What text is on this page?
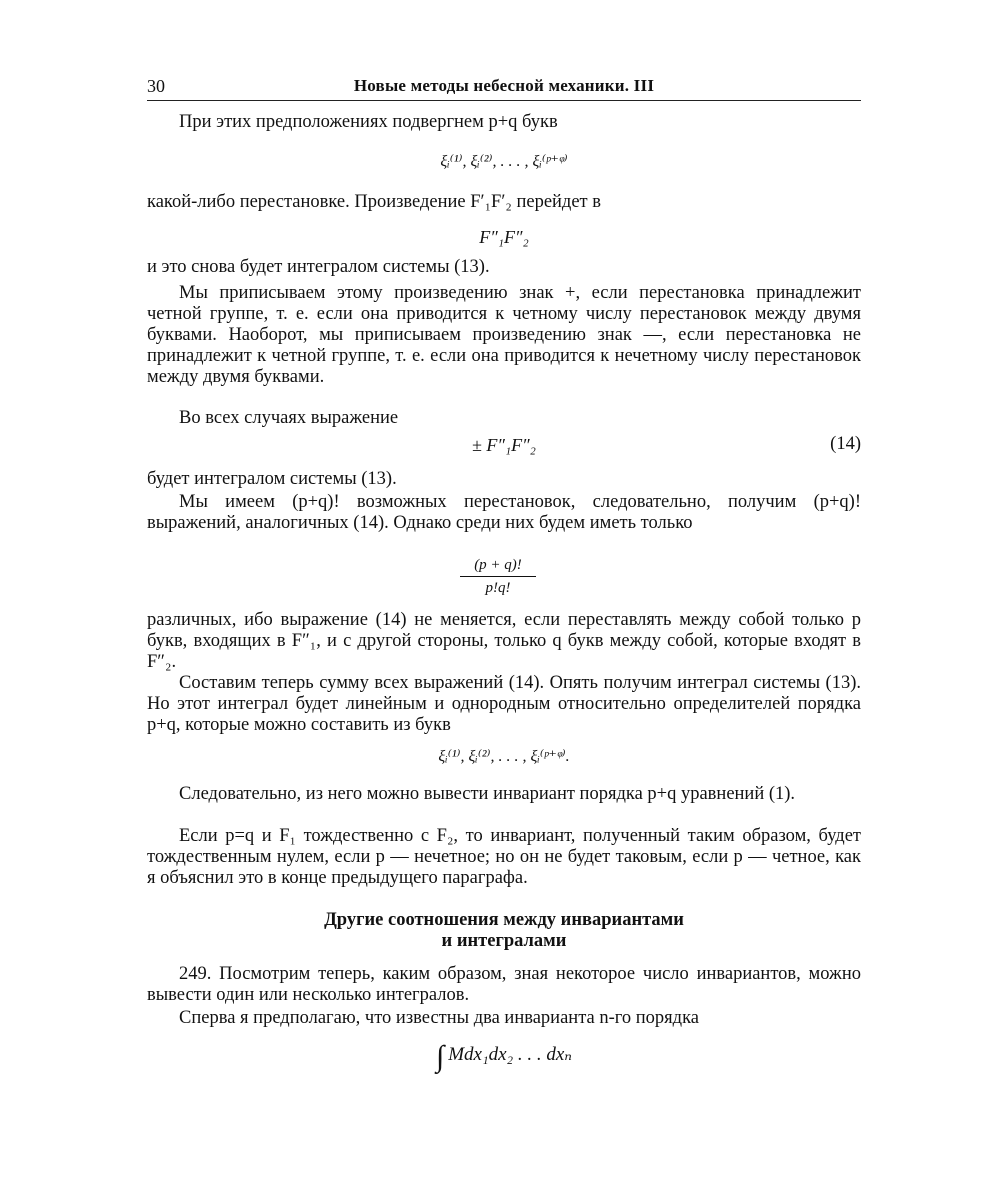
30	Новые методы небесной механики. III

При этих предположениях подвергнем p+q букв

ξᵢ⁽¹⁾, ξᵢ⁽²⁾, . . . , ξᵢ⁽ᵖ⁺ᵠ⁾

какой-либо перестановке. Произведение F′₁F′₂ перейдет в

F″₁F″₂

и это снова будет интегралом системы (13).

Мы приписываем этому произведению знак +, если перестановка принадлежит четной группе, т. е. если она приводится к четному числу перестановок между двумя буквами. Наоборот, мы приписываем произведению знак —, если перестановка не принадлежит к четной группе, т. е. если она приводится к нечетному числу перестановок между двумя буквами.

Во всех случаях выражение

± F″₁F″₂	(14)

будет интегралом системы (13).

Мы имеем (p+q)! возможных перестановок, следовательно, получим (p+q)! выражений, аналогичных (14). Однако среди них будем иметь только

$\frac{(p + q)!}{p!q!}$

различных, ибо выражение (14) не меняется, если переставлять между собой только p букв, входящих в F″₁, и с другой стороны, только q букв между собой, которые входят в F″₂.

Составим теперь сумму всех выражений (14). Опять получим интеграл системы (13). Но этот интеграл будет линейным и однородным относительно определителей порядка p+q, которые можно составить из букв

ξᵢ⁽¹⁾, ξᵢ⁽²⁾, . . . , ξᵢ⁽ᵖ⁺ᵠ⁾.

Следовательно, из него можно вывести инвариант порядка p+q уравнений (1).

Если p=q и F₁ тождественно с F₂, то инвариант, полученный таким образом, будет тождественным нулем, если p — нечетное; но он не будет таковым, если p — четное, как я объяснил это в конце предыдущего параграфа.

Другие соотношения между инвариантами
и интегралами

249. Посмотрим теперь, каким образом, зная некоторое число инвариантов, можно вывести один или несколько интегралов.

Сперва я предполагаю, что известны два инварианта n-го порядка

∫ Mdx₁dx₂ . . . dxₙ
